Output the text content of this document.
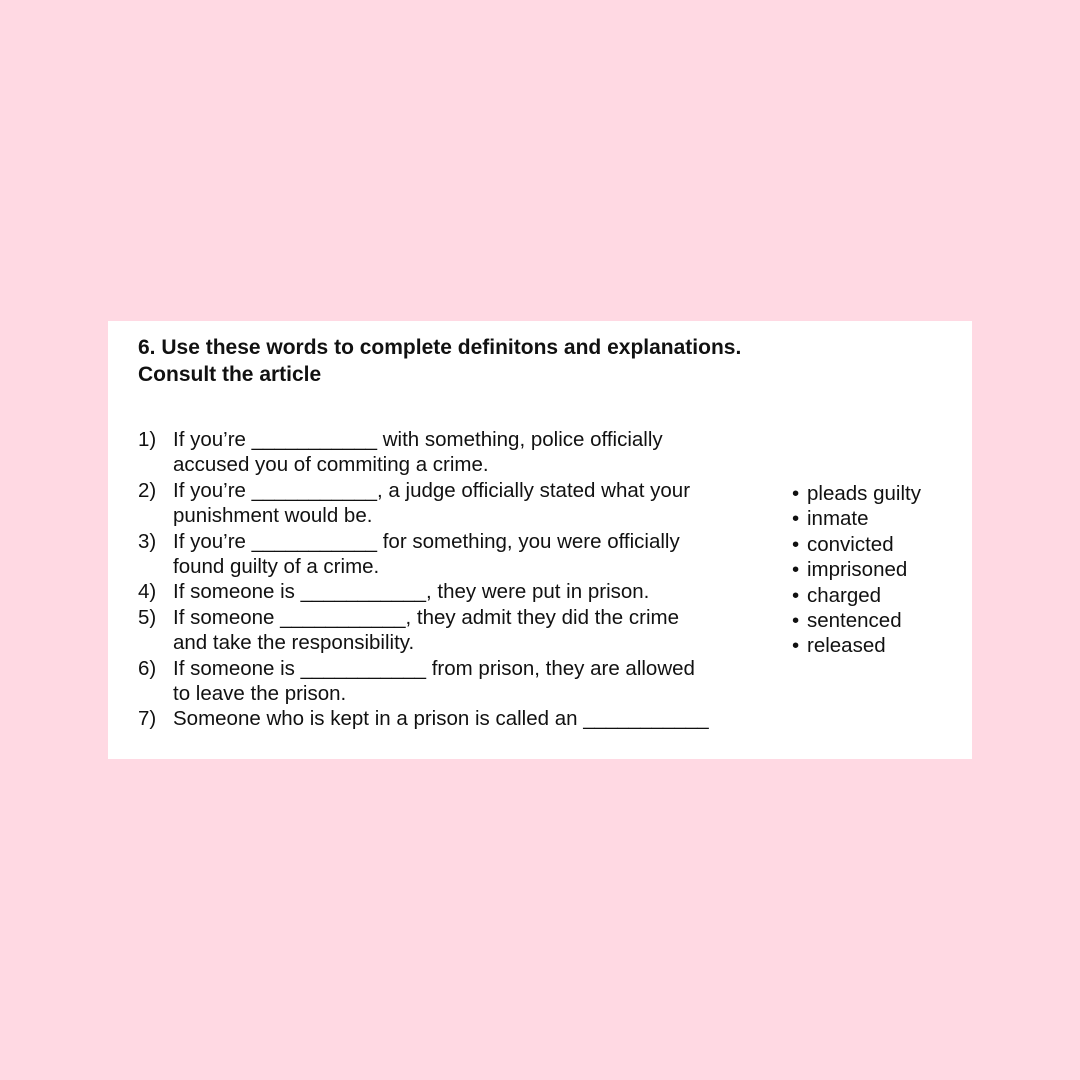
6. Use these words to complete definitons and explanations.
Consult the article
1) If you’re ___________ with something, police officially
accused you of commiting a crime.
2) If you’re ___________, a judge officially stated what your
punishment would be.
3) If you’re ___________ for something, you were officially
found guilty of a crime.
4) If someone is ___________, they were put in prison.
5) If someone ___________, they admit they did the crime
and take the responsibility.
6) If someone is ___________ from prison, they are allowed
to leave the prison.
7) Someone who is kept in a prison is called an ___________
• pleads guilty
• inmate
• convicted
• imprisoned
• charged
• sentenced
• released
